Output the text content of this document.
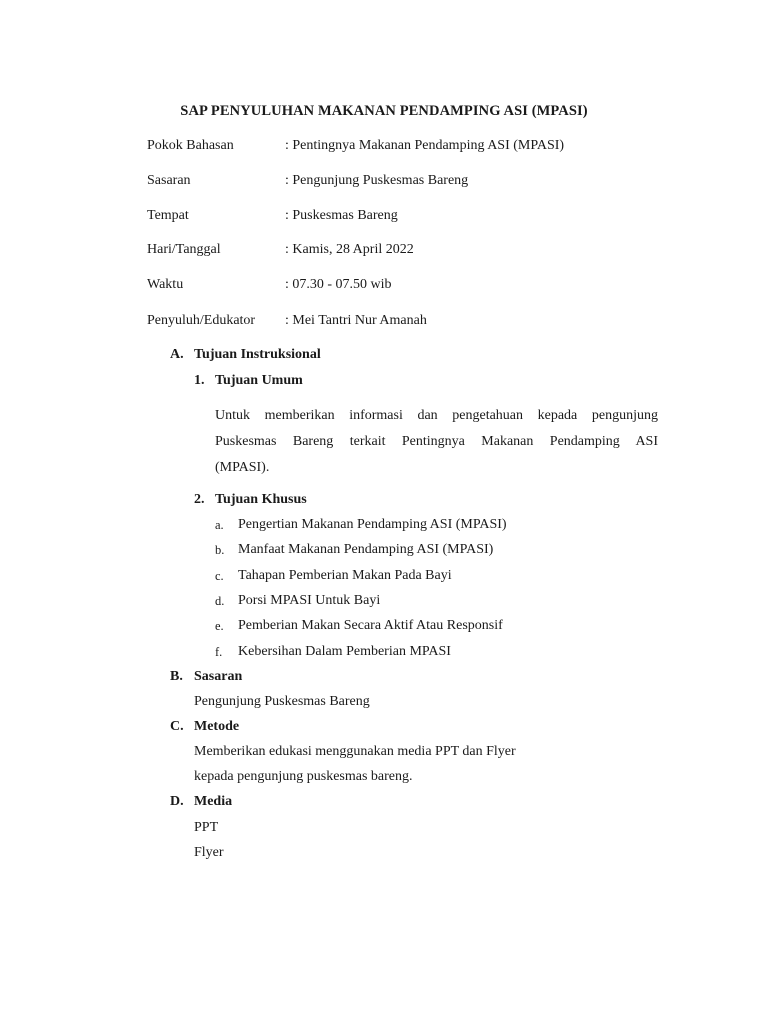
SAP PENYULUHAN MAKANAN PENDAMPING ASI (MPASI)
Pokok Bahasan	: Pentingnya Makanan Pendamping ASI (MPASI)
Sasaran	: Pengunjung Puskesmas Bareng
Tempat	: Puskesmas Bareng
Hari/Tanggal	: Kamis, 28 April 2022
Waktu	: 07.30 - 07.50 wib
Penyuluh/Edukator	: Mei Tantri Nur Amanah
A. Tujuan Instruksional
1. Tujuan Umum
Untuk memberikan informasi dan pengetahuan kepada pengunjung
Puskesmas Bareng terkait Pentingnya Makanan Pendamping ASI
(MPASI).
2. Tujuan Khusus
a. Pengertian Makanan Pendamping ASI (MPASI)
b. Manfaat Makanan Pendamping ASI (MPASI)
c. Tahapan Pemberian Makan Pada Bayi
d. Porsi MPASI Untuk Bayi
e. Pemberian Makan Secara Aktif Atau Responsif
f. Kebersihan Dalam Pemberian MPASI
B. Sasaran
Pengunjung Puskesmas Bareng
C. Metode
Memberikan edukasi menggunakan media PPT dan Flyer
kepada pengunjung puskesmas bareng.
D. Media
PPT
Flyer
